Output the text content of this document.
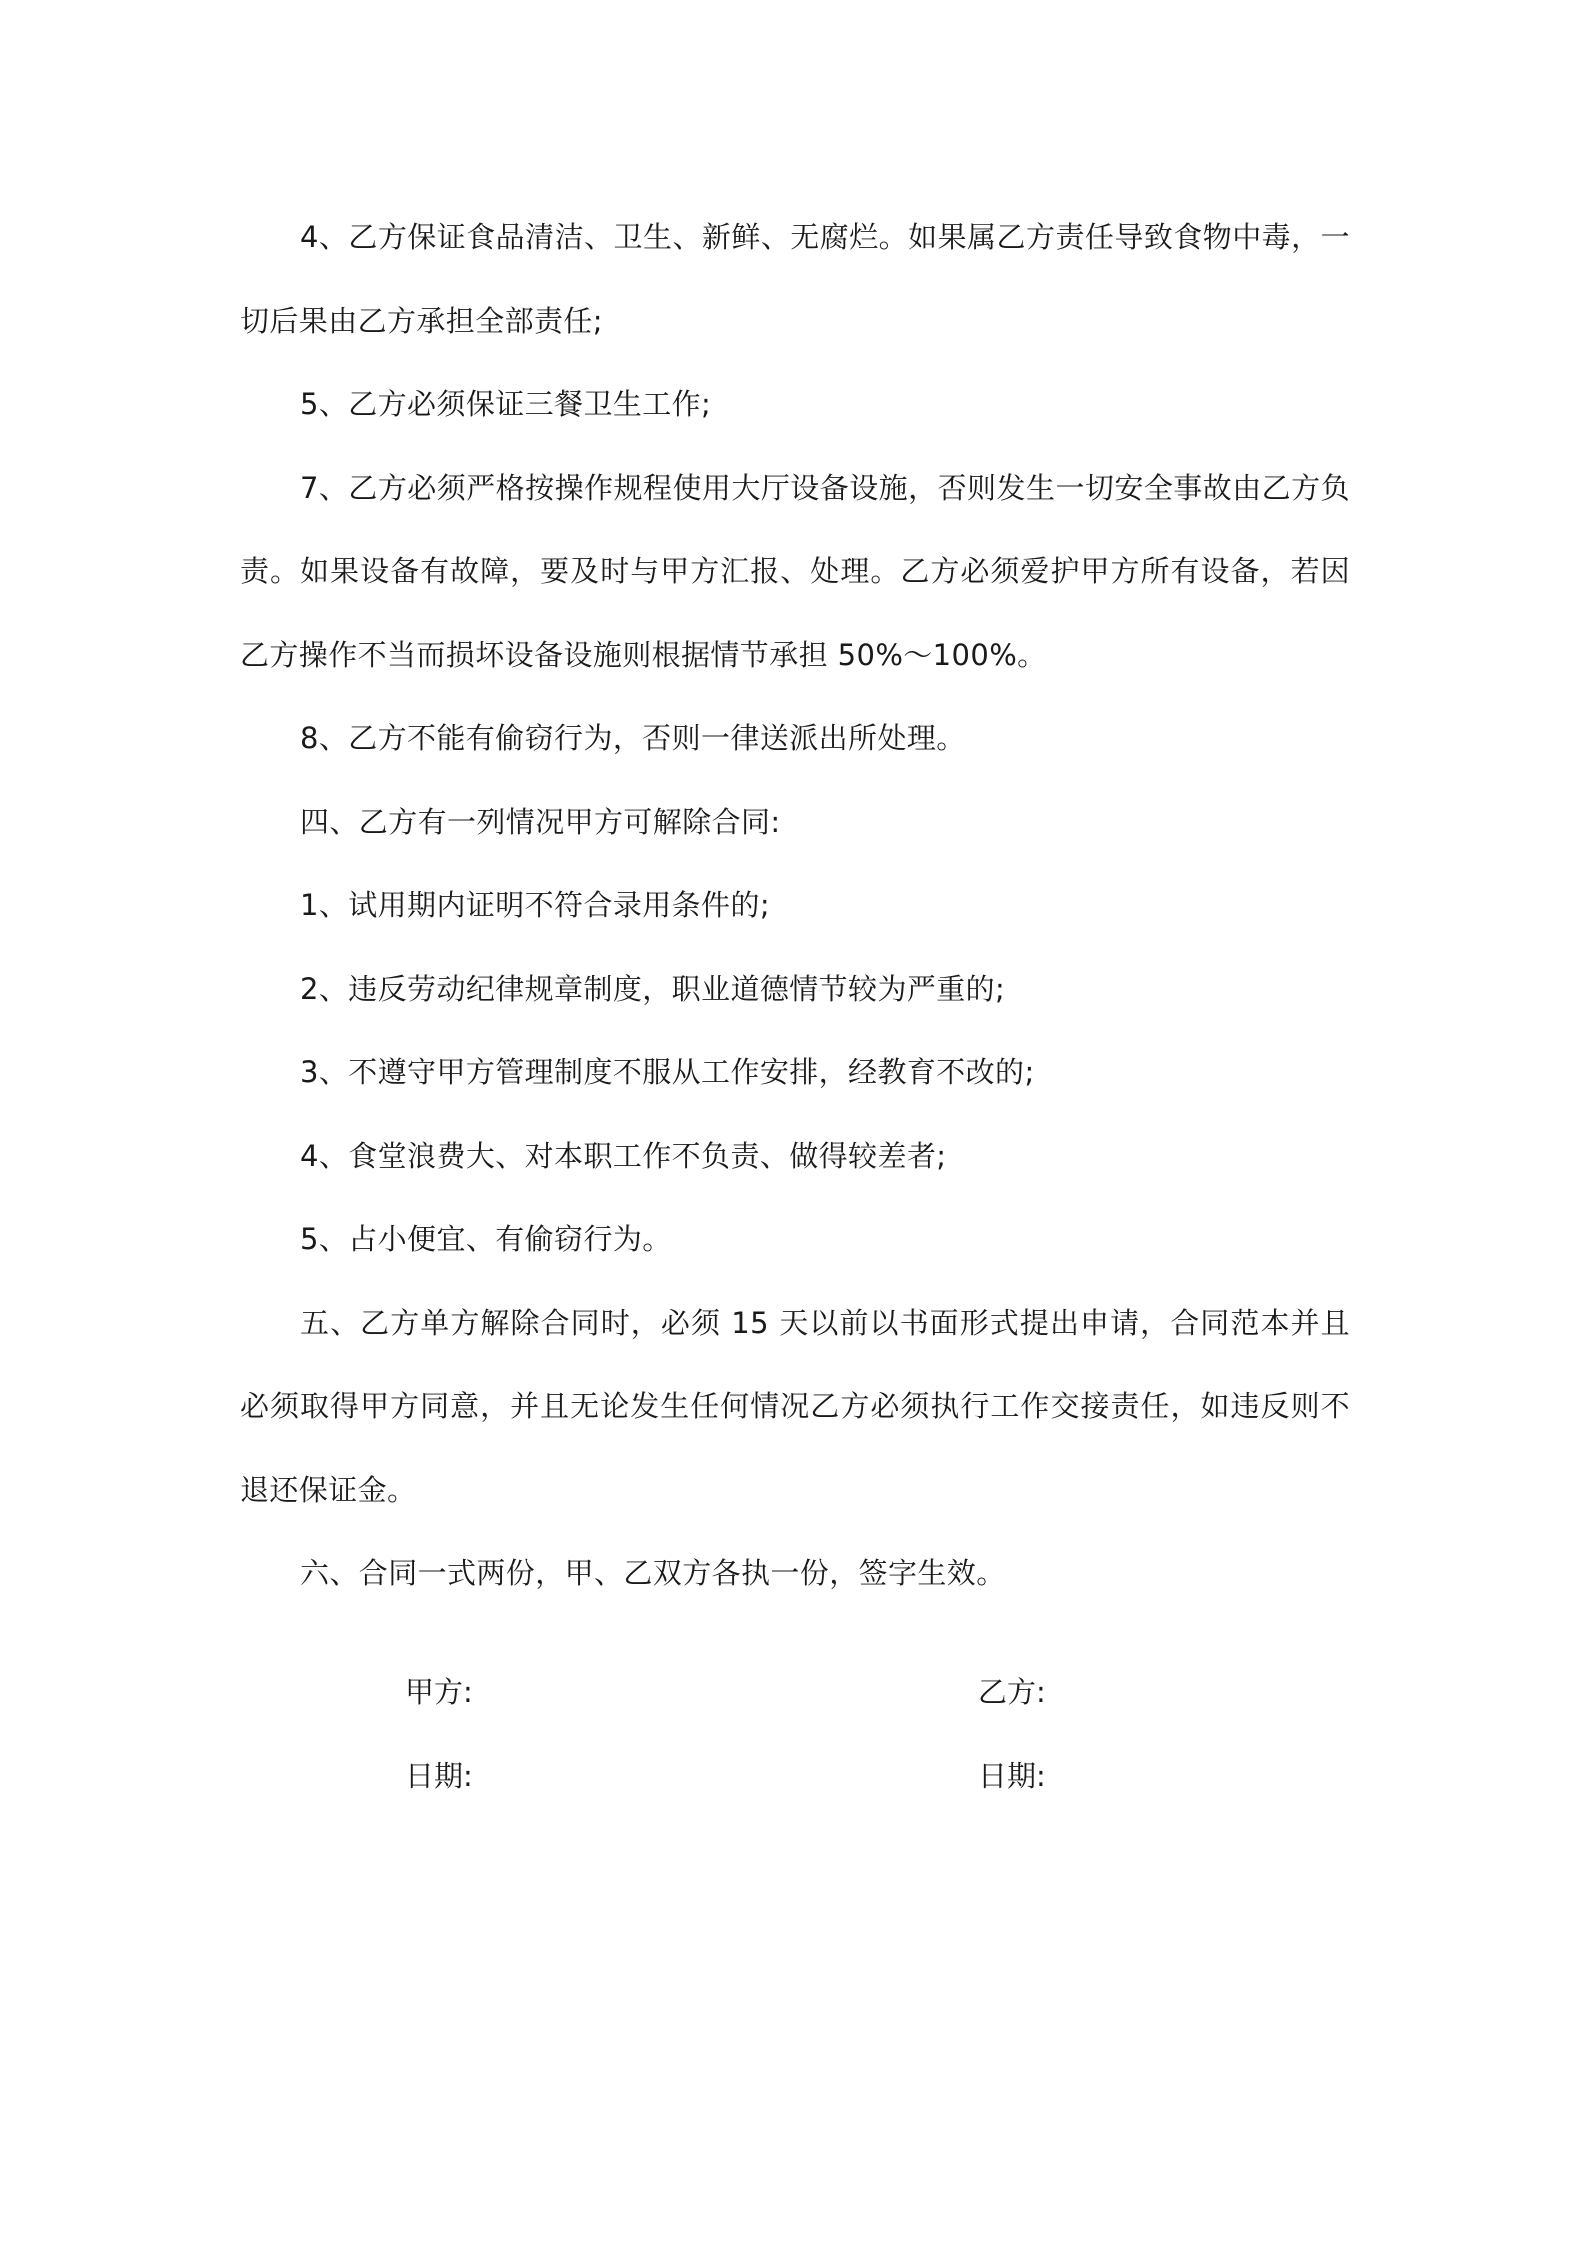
4、乙方保证食品清洁、卫生、新鲜、无腐烂。如果属乙方责任导致食物中毒，一切后果由乙方承担全部责任;

5、乙方必须保证三餐卫生工作;

7、乙方必须严格按操作规程使用大厅设备设施，否则发生一切安全事故由乙方负责。如果设备有故障，要及时与甲方汇报、处理。乙方必须爱护甲方所有设备，若因乙方操作不当而损坏设备设施则根据情节承担 50%～100%。

8、乙方不能有偷窃行为，否则一律送派出所处理。

四、乙方有一列情况甲方可解除合同:

1、试用期内证明不符合录用条件的;

2、违反劳动纪律规章制度，职业道德情节较为严重的;

3、不遵守甲方管理制度不服从工作安排，经教育不改的;

4、食堂浪费大、对本职工作不负责、做得较差者;

5、占小便宜、有偷窃行为。

五、乙方单方解除合同时，必须 15 天以前以书面形式提出申请，合同范本并且必须取得甲方同意，并且无论发生任何情况乙方必须执行工作交接责任，如违反则不退还保证金。

六、合同一式两份，甲、乙双方各执一份，签字生效。

甲方:	乙方:
日期:	日期:
